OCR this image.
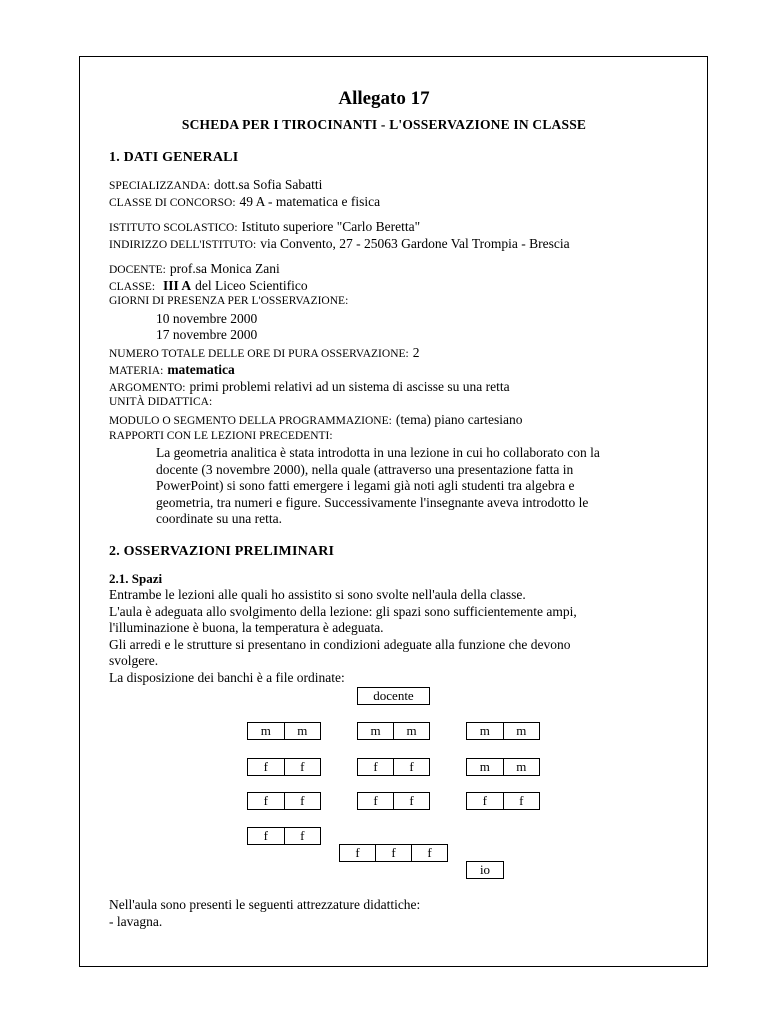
Allegato 17
SCHEDA PER I TIROCINANTI - L'OSSERVAZIONE IN CLASSE
1. DATI GENERALI
SPECIALIZZANDA: dott.sa Sofia Sabatti
CLASSE DI CONCORSO: 49 A - matematica e fisica
ISTITUTO SCOLASTICO: Istituto superiore "Carlo Beretta"
INDIRIZZO DELL'ISTITUTO: via Convento, 27 - 25063 Gardone Val Trompia - Brescia
DOCENTE: prof.sa Monica Zani
CLASSE: III A del Liceo Scientifico
GIORNI DI PRESENZA PER L'OSSERVAZIONE:
10 novembre 2000
17 novembre 2000
NUMERO TOTALE DELLE ORE DI PURA OSSERVAZIONE: 2
MATERIA: matematica
ARGOMENTO: primi problemi relativi ad un sistema di ascisse su una retta
UNITÀ DIDATTICA:
MODULO O SEGMENTO DELLA PROGRAMMAZIONE: (tema) piano cartesiano
RAPPORTI CON LE LEZIONI PRECEDENTI:
La geometria analitica è stata introdotta in una lezione in cui ho collaborato con la
docente (3 novembre 2000), nella quale (attraverso una presentazione fatta in
PowerPoint) si sono fatti emergere i legami già noti agli studenti tra algebra e
geometria, tra numeri e figure. Successivamente l'insegnante aveva introdotto le
coordinate su una retta.
2. OSSERVAZIONI PRELIMINARI
2.1. Spazi
Entrambe le lezioni alle quali ho assistito si sono svolte nell'aula della classe.
L'aula è adeguata allo svolgimento della lezione: gli spazi sono sufficientemente ampi,
l'illuminazione è buona, la temperatura è adeguata.
Gli arredi e le strutture si presentano in condizioni adeguate alla funzione che devono
svolgere.
La disposizione dei banchi è a file ordinate:
docente
m	m	m	m	m	m
f	f	f	f	m	m
f	f	f	f	f	f
f	f
f	f	f
io
Nell'aula sono presenti le seguenti attrezzature didattiche:
- lavagna.
